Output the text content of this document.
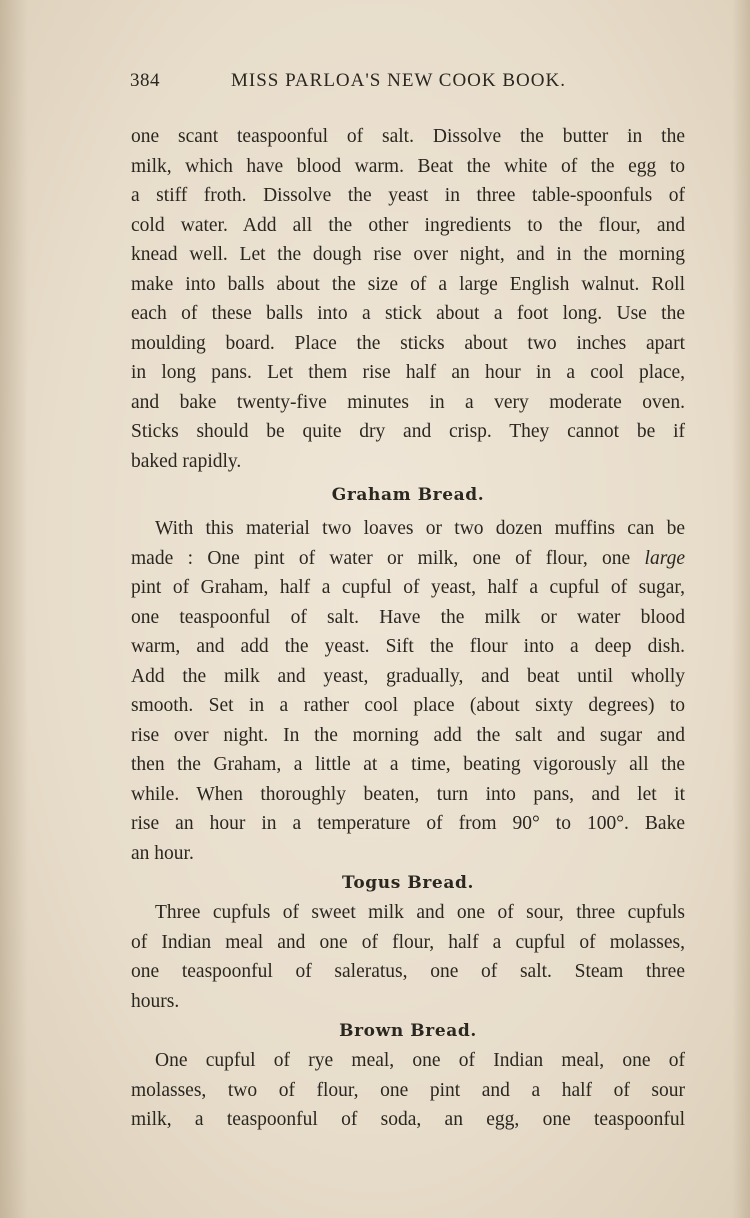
384	MISS PARLOA'S NEW COOK BOOK.
one scant teaspoonful of salt. Dissolve the butter in the
milk, which have blood warm. Beat the white of the egg to
a stiff froth. Dissolve the yeast in three table-spoonfuls of
cold water. Add all the other ingredients to the flour, and
knead well. Let the dough rise over night, and in the morning
make into balls about the size of a large English walnut. Roll
each of these balls into a stick about a foot long. Use the
moulding board. Place the sticks about two inches apart
in long pans. Let them rise half an hour in a cool place,
and bake twenty-five minutes in a very moderate oven.
Sticks should be quite dry and crisp. They cannot be if
baked rapidly.
Graham Bread.
With this material two loaves or two dozen muffins can be
made : One pint of water or milk, one of flour, one large
pint of Graham, half a cupful of yeast, half a cupful of sugar,
one teaspoonful of salt. Have the milk or water blood
warm, and add the yeast. Sift the flour into a deep dish.
Add the milk and yeast, gradually, and beat until wholly
smooth. Set in a rather cool place (about sixty degrees) to
rise over night. In the morning add the salt and sugar and
then the Graham, a little at a time, beating vigorously all the
while. When thoroughly beaten, turn into pans, and let it
rise an hour in a temperature of from 90° to 100°. Bake
an hour.
Togus Bread.
Three cupfuls of sweet milk and one of sour, three cupfuls
of Indian meal and one of flour, half a cupful of molasses,
one teaspoonful of saleratus, one of salt. Steam three
hours.
Brown Bread.
One cupful of rye meal, one of Indian meal, one of
molasses, two of flour, one pint and a half of sour
milk, a teaspoonful of soda, an egg, one teaspoonful
